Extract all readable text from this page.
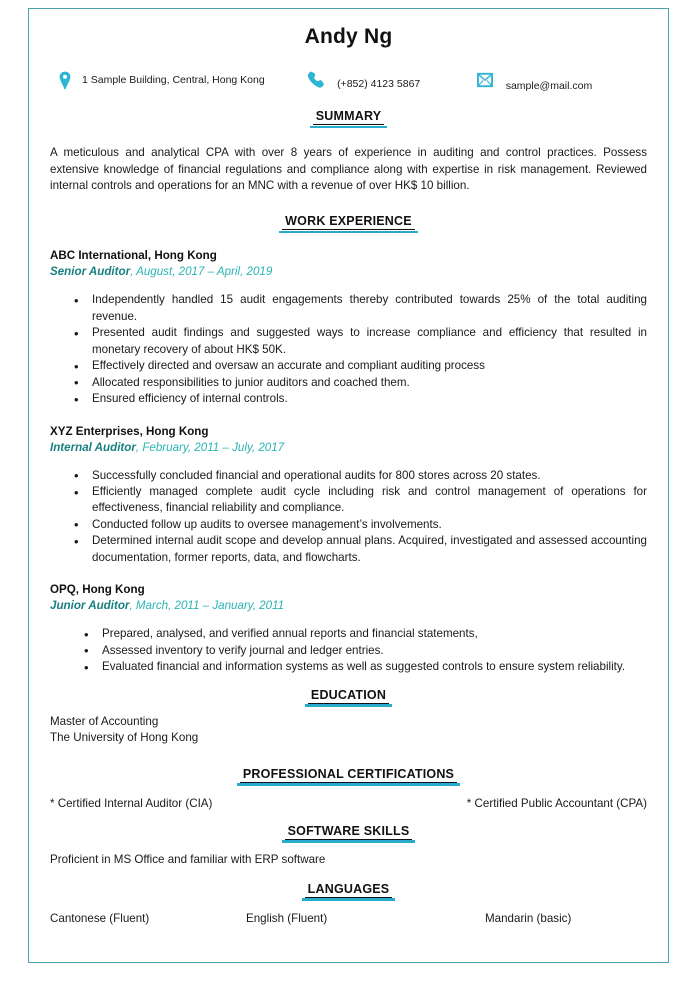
Andy Ng
1 Sample Building, Central, Hong Kong	(+852) 4123 5867	sample@mail.com
SUMMARY

A meticulous and analytical CPA with over 8 years of experience in auditing and control practices. Possess extensive knowledge of financial regulations and compliance along with expertise in risk management. Reviewed internal controls and operations for an MNC with a revenue of over HK$ 10 billion.

WORK EXPERIENCE
ABC International, Hong Kong
Senior Auditor, August, 2017 – April, 2019
• Independently handled 15 audit engagements thereby contributed towards 25% of the total auditing revenue.
• Presented audit findings and suggested ways to increase compliance and efficiency that resulted in monetary recovery of about HK$ 50K.
• Effectively directed and oversaw an accurate and compliant auditing process
• Allocated responsibilities to junior auditors and coached them.
• Ensured efficiency of internal controls.
XYZ Enterprises, Hong Kong
Internal Auditor, February, 2011 – July, 2017
• Successfully concluded financial and operational audits for 800 stores across 20 states.
• Efficiently managed complete audit cycle including risk and control management of operations for effectiveness, financial reliability and compliance.
• Conducted follow up audits to oversee management’s involvements.
• Determined internal audit scope and develop annual plans. Acquired, investigated and assessed accounting documentation, former reports, data, and flowcharts.
OPQ, Hong Kong
Junior Auditor, March, 2011 – January, 2011
• Prepared, analysed, and verified annual reports and financial statements,
• Assessed inventory to verify journal and ledger entries.
• Evaluated financial and information systems as well as suggested controls to ensure system reliability.
EDUCATION
Master of Accounting
The University of Hong Kong
PROFESSIONAL CERTIFICATIONS
* Certified Internal Auditor (CIA)	* Certified Public Accountant (CPA)
SOFTWARE SKILLS
Proficient in MS Office and familiar with ERP software
LANGUAGES
Cantonese (Fluent)	English (Fluent)	Mandarin (basic)
